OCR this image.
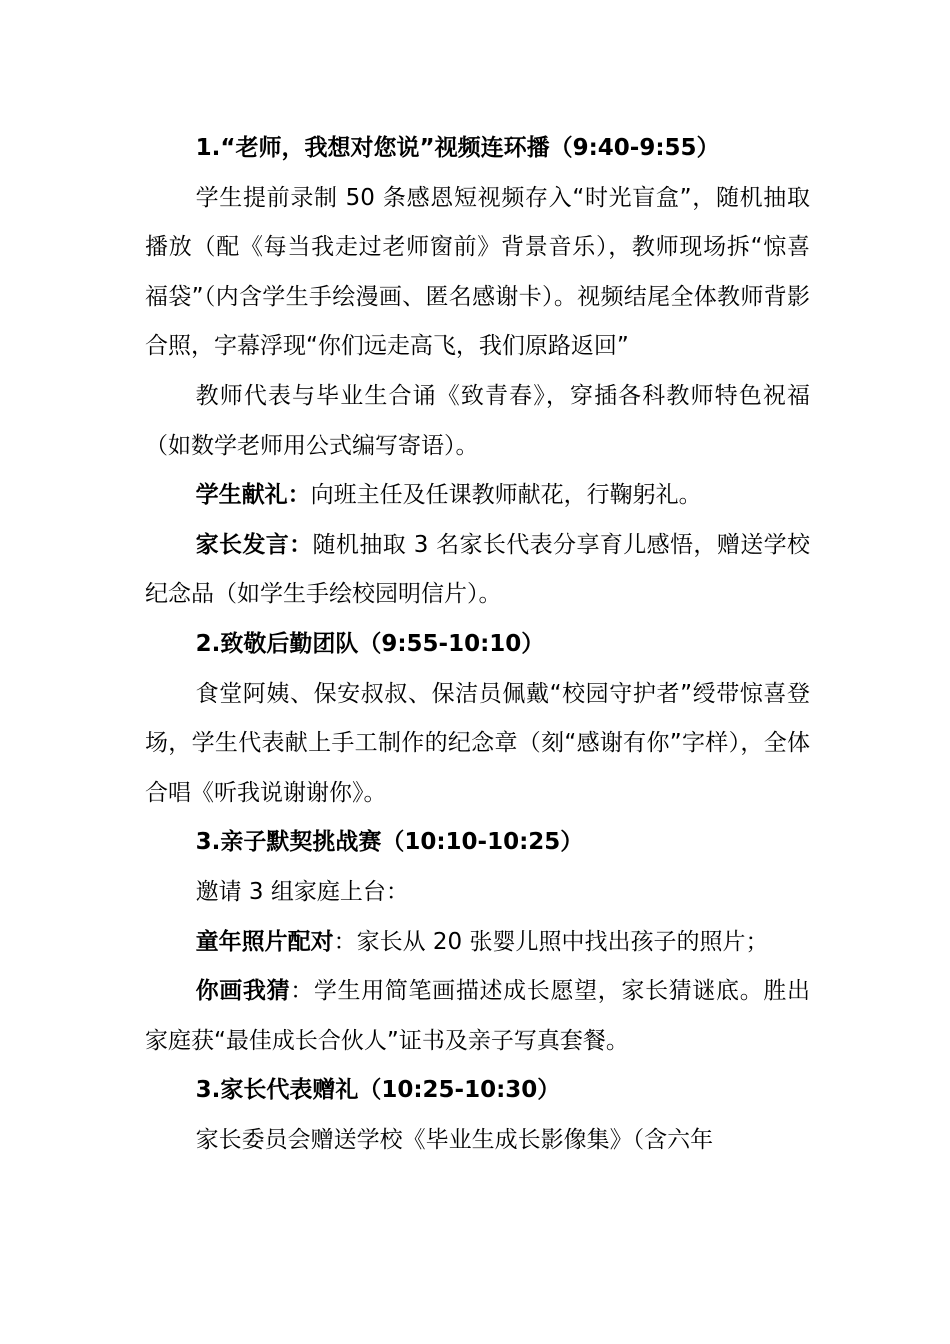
1.“老师，我想对您说”视频连环播（9:40-9:55）

学生提前录制 50 条感恩短视频存入“时光盲盒”，随机抽取播放（配《每当我走过老师窗前》背景音乐），教师现场拆“惊喜福袋”（内含学生手绘漫画、匿名感谢卡）。视频结尾全体教师背影合照，字幕浮现“你们远走高飞，我们原路返回”

教师代表与毕业生合诵《致青春》，穿插各科教师特色祝福（如数学老师用公式编写寄语）。

学生献礼：向班主任及任课教师献花，行鞠躬礼。

家长发言：随机抽取 3 名家长代表分享育儿感悟，赠送学校纪念品（如学生手绘校园明信片）。

2.致敬后勤团队（9:55-10:10）

食堂阿姨、保安叔叔、保洁员佩戴“校园守护者”绶带惊喜登场，学生代表献上手工制作的纪念章（刻“感谢有你”字样），全体合唱《听我说谢谢你》。

3.亲子默契挑战赛（10:10-10:25）

邀请 3 组家庭上台：

童年照片配对：家长从 20 张婴儿照中找出孩子的照片；

你画我猜：学生用简笔画描述成长愿望，家长猜谜底。胜出家庭获“最佳成长合伙人”证书及亲子写真套餐。

3.家长代表赠礼（10:25-10:30）

家长委员会赠送学校《毕业生成长影像集》（含六年
